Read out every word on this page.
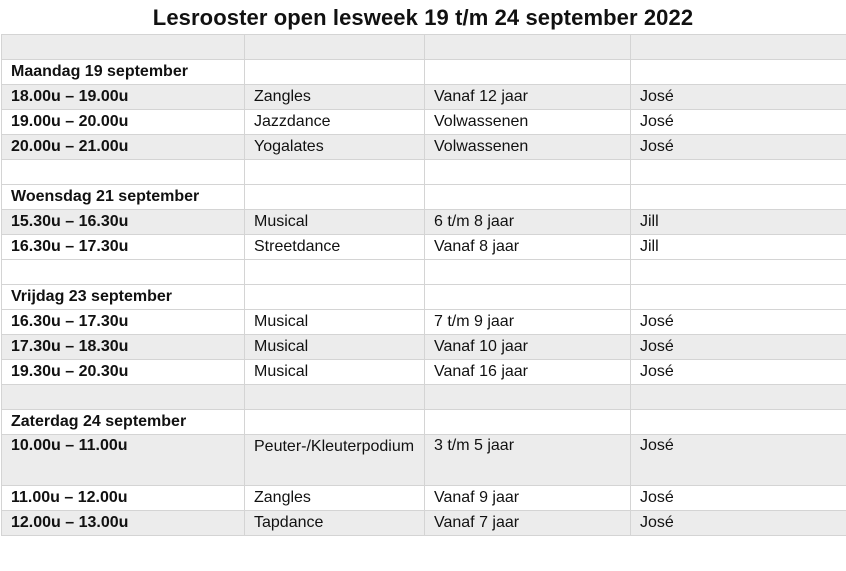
Lesrooster open lesweek 19 t/m 24 september 2022

Maandag 19 september			
18.00u – 19.00u	Zangles	Vanaf 12 jaar	José
19.00u – 20.00u	Jazzdance	Volwassenen	José
20.00u – 21.00u	Yogalates	Volwassenen	José

Woensdag 21 september			
15.30u – 16.30u	Musical	6 t/m 8 jaar	Jill
16.30u – 17.30u	Streetdance	Vanaf 8 jaar	Jill

Vrijdag 23 september			
16.30u – 17.30u	Musical	7 t/m 9 jaar	José
17.30u – 18.30u	Musical	Vanaf 10 jaar	José
19.30u – 20.30u	Musical	Vanaf 16 jaar	José

Zaterdag 24 september			
10.00u – 11.00u	Peuter-/Kleuterpodium	3 t/m 5 jaar	José
11.00u – 12.00u	Zangles	Vanaf 9 jaar	José
12.00u – 13.00u	Tapdance	Vanaf 7 jaar	José
